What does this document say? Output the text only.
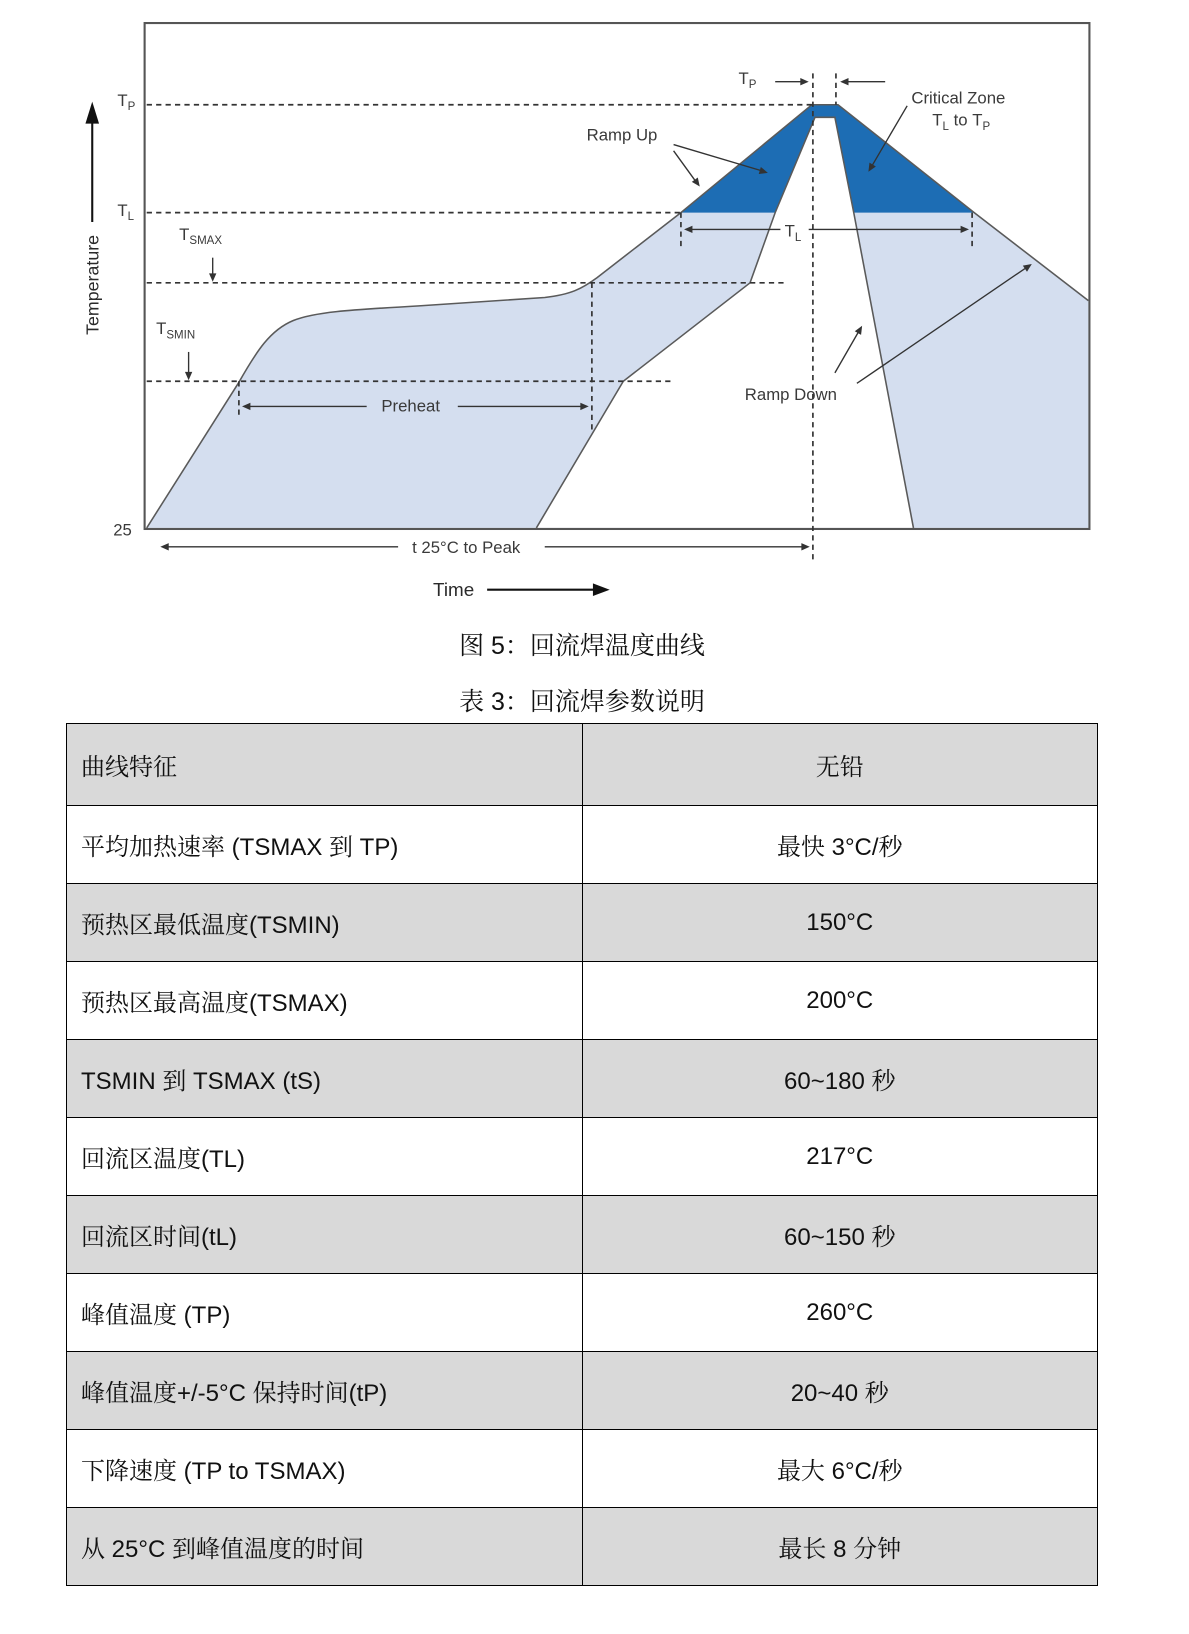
$T_P$
$T_L$
25
$T_{SMAX}$
$T_{SMIN}$
$T_P$
$T_L$
Ramp Up
Critical Zone
$T_L$ to $T_P$
Preheat
Ramp Down
t 25°C to Peak
Time
Temperature
图 5：回流焊温度曲线
表 3：回流焊参数说明
曲线特征	无铅
平均加热速率 (TSMAX 到 TP)	最快 3°C/秒
预热区最低温度(TSMIN)	150°C
预热区最高温度(TSMAX)	200°C
TSMIN 到 TSMAX (tS)	60~180 秒
回流区温度(TL)	217°C
回流区时间(tL)	60~150 秒
峰值温度 (TP)	260°C
峰值温度+/-5°C 保持时间(tP)	20~40 秒
下降速度 (TP to TSMAX)	最大 6°C/秒
从 25°C 到峰值温度的时间	最长 8 分钟
